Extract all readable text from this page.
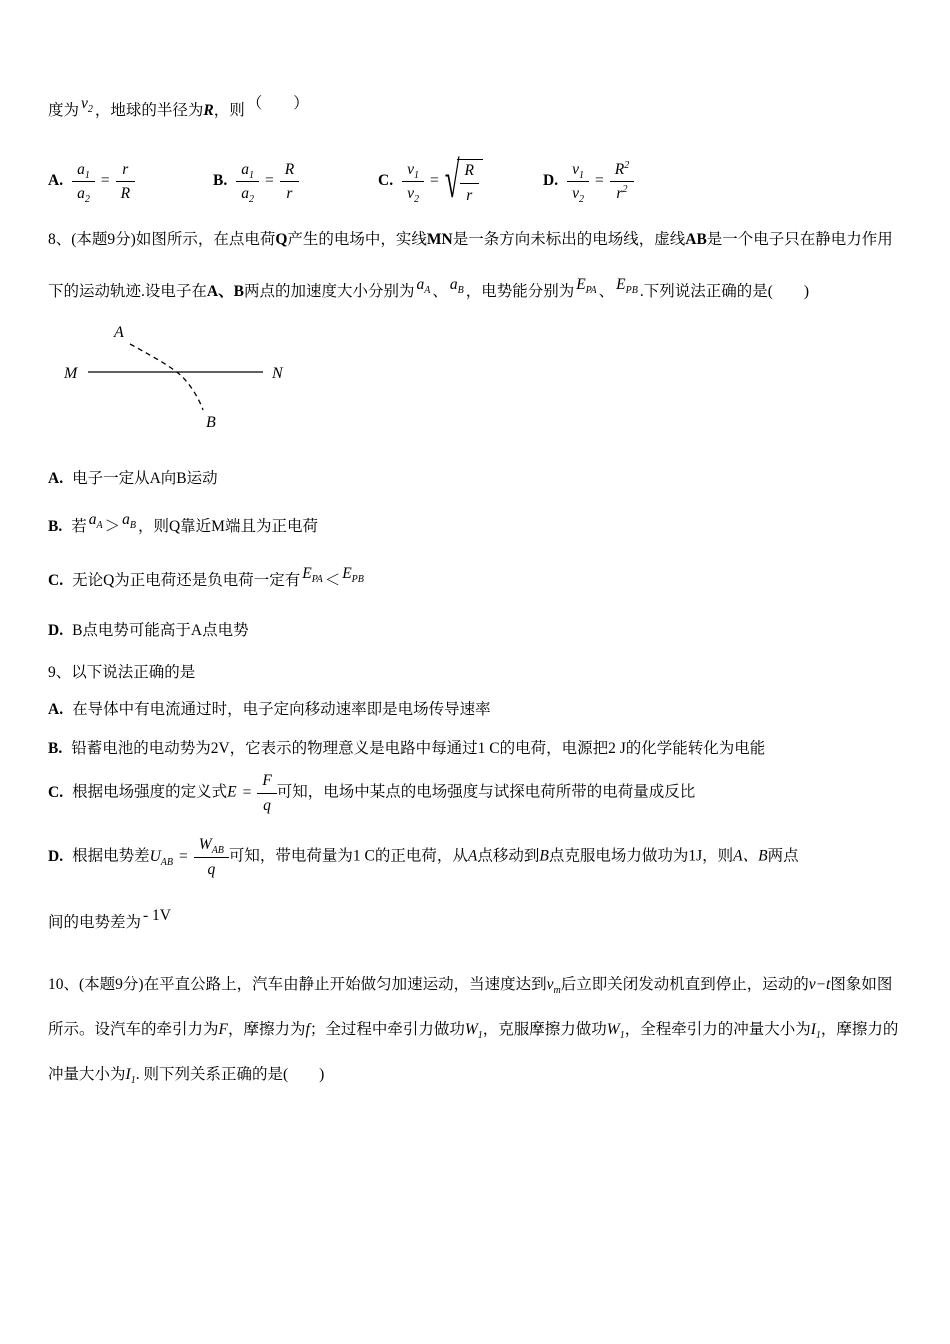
度为 $v_2$ ，地球的半径为R，则 （　　）

A. $\frac{a_1}{a_2} = \frac{r}{R}$	B. $\frac{a_1}{a_2} = \frac{R}{r}$	C. $\frac{v_1}{v_2}$ = √ $\frac{R}{r}$	D. $\frac{v_1}{v_2} = \frac{R^2}{r^2}$

8、(本题9分)如图所示，在点电荷Q产生的电场中，实线MN是一条方向未标出的电场线，虚线AB是一个电子只在静电力作用下的运动轨迹.设电子在A、B两点的加速度大小分别为 $a_A$ 、 $a_B$ ，电势能分别为 $E_{PA}$ 、 $E_{PB}$ .下列说法正确的是(　　)

A
M	N
B

A. 电子一定从A向B运动

B. 若 $a_A > a_B$ ，则Q靠近M端且为正电荷

C. 无论Q为正电荷还是负电荷一定有 $E_{PA} < E_{PB}$

D. B点电势可能高于A点电势

9、以下说法正确的是

A. 在导体中有电流通过时，电子定向移动速率即是电场传导速率

B. 铅蓄电池的电动势为2V，它表示的物理意义是电路中每通过1 C的电荷，电源把2 J的化学能转化为电能

C. 根据电场强度的定义式$E = \frac{F}{q}$ 可知，电场中某点的电场强度与试探电荷所带的电荷量成反比

D. 根据电势差$U_{AB} = \frac{W_{AB}}{q}$ 可知，带电荷量为1 C的正电荷，从A点移动到B点克服电场力做功为1J，则A、B两点

间的电势差为 - 1V

10、(本题9分)在平直公路上，汽车由静止开始做匀加速运动，当速度达到$v_m$后立即关闭发动机直到停止，运动的v−t图象如图所示。设汽车的牵引力为F，摩擦力为f；全过程中牵引力做功$W_1$，克服摩擦力做功$W_1$，全程牵引力的冲量大小为$I_1$，摩擦力的冲量大小为$I_1$. 则下列关系正确的是(　　)
